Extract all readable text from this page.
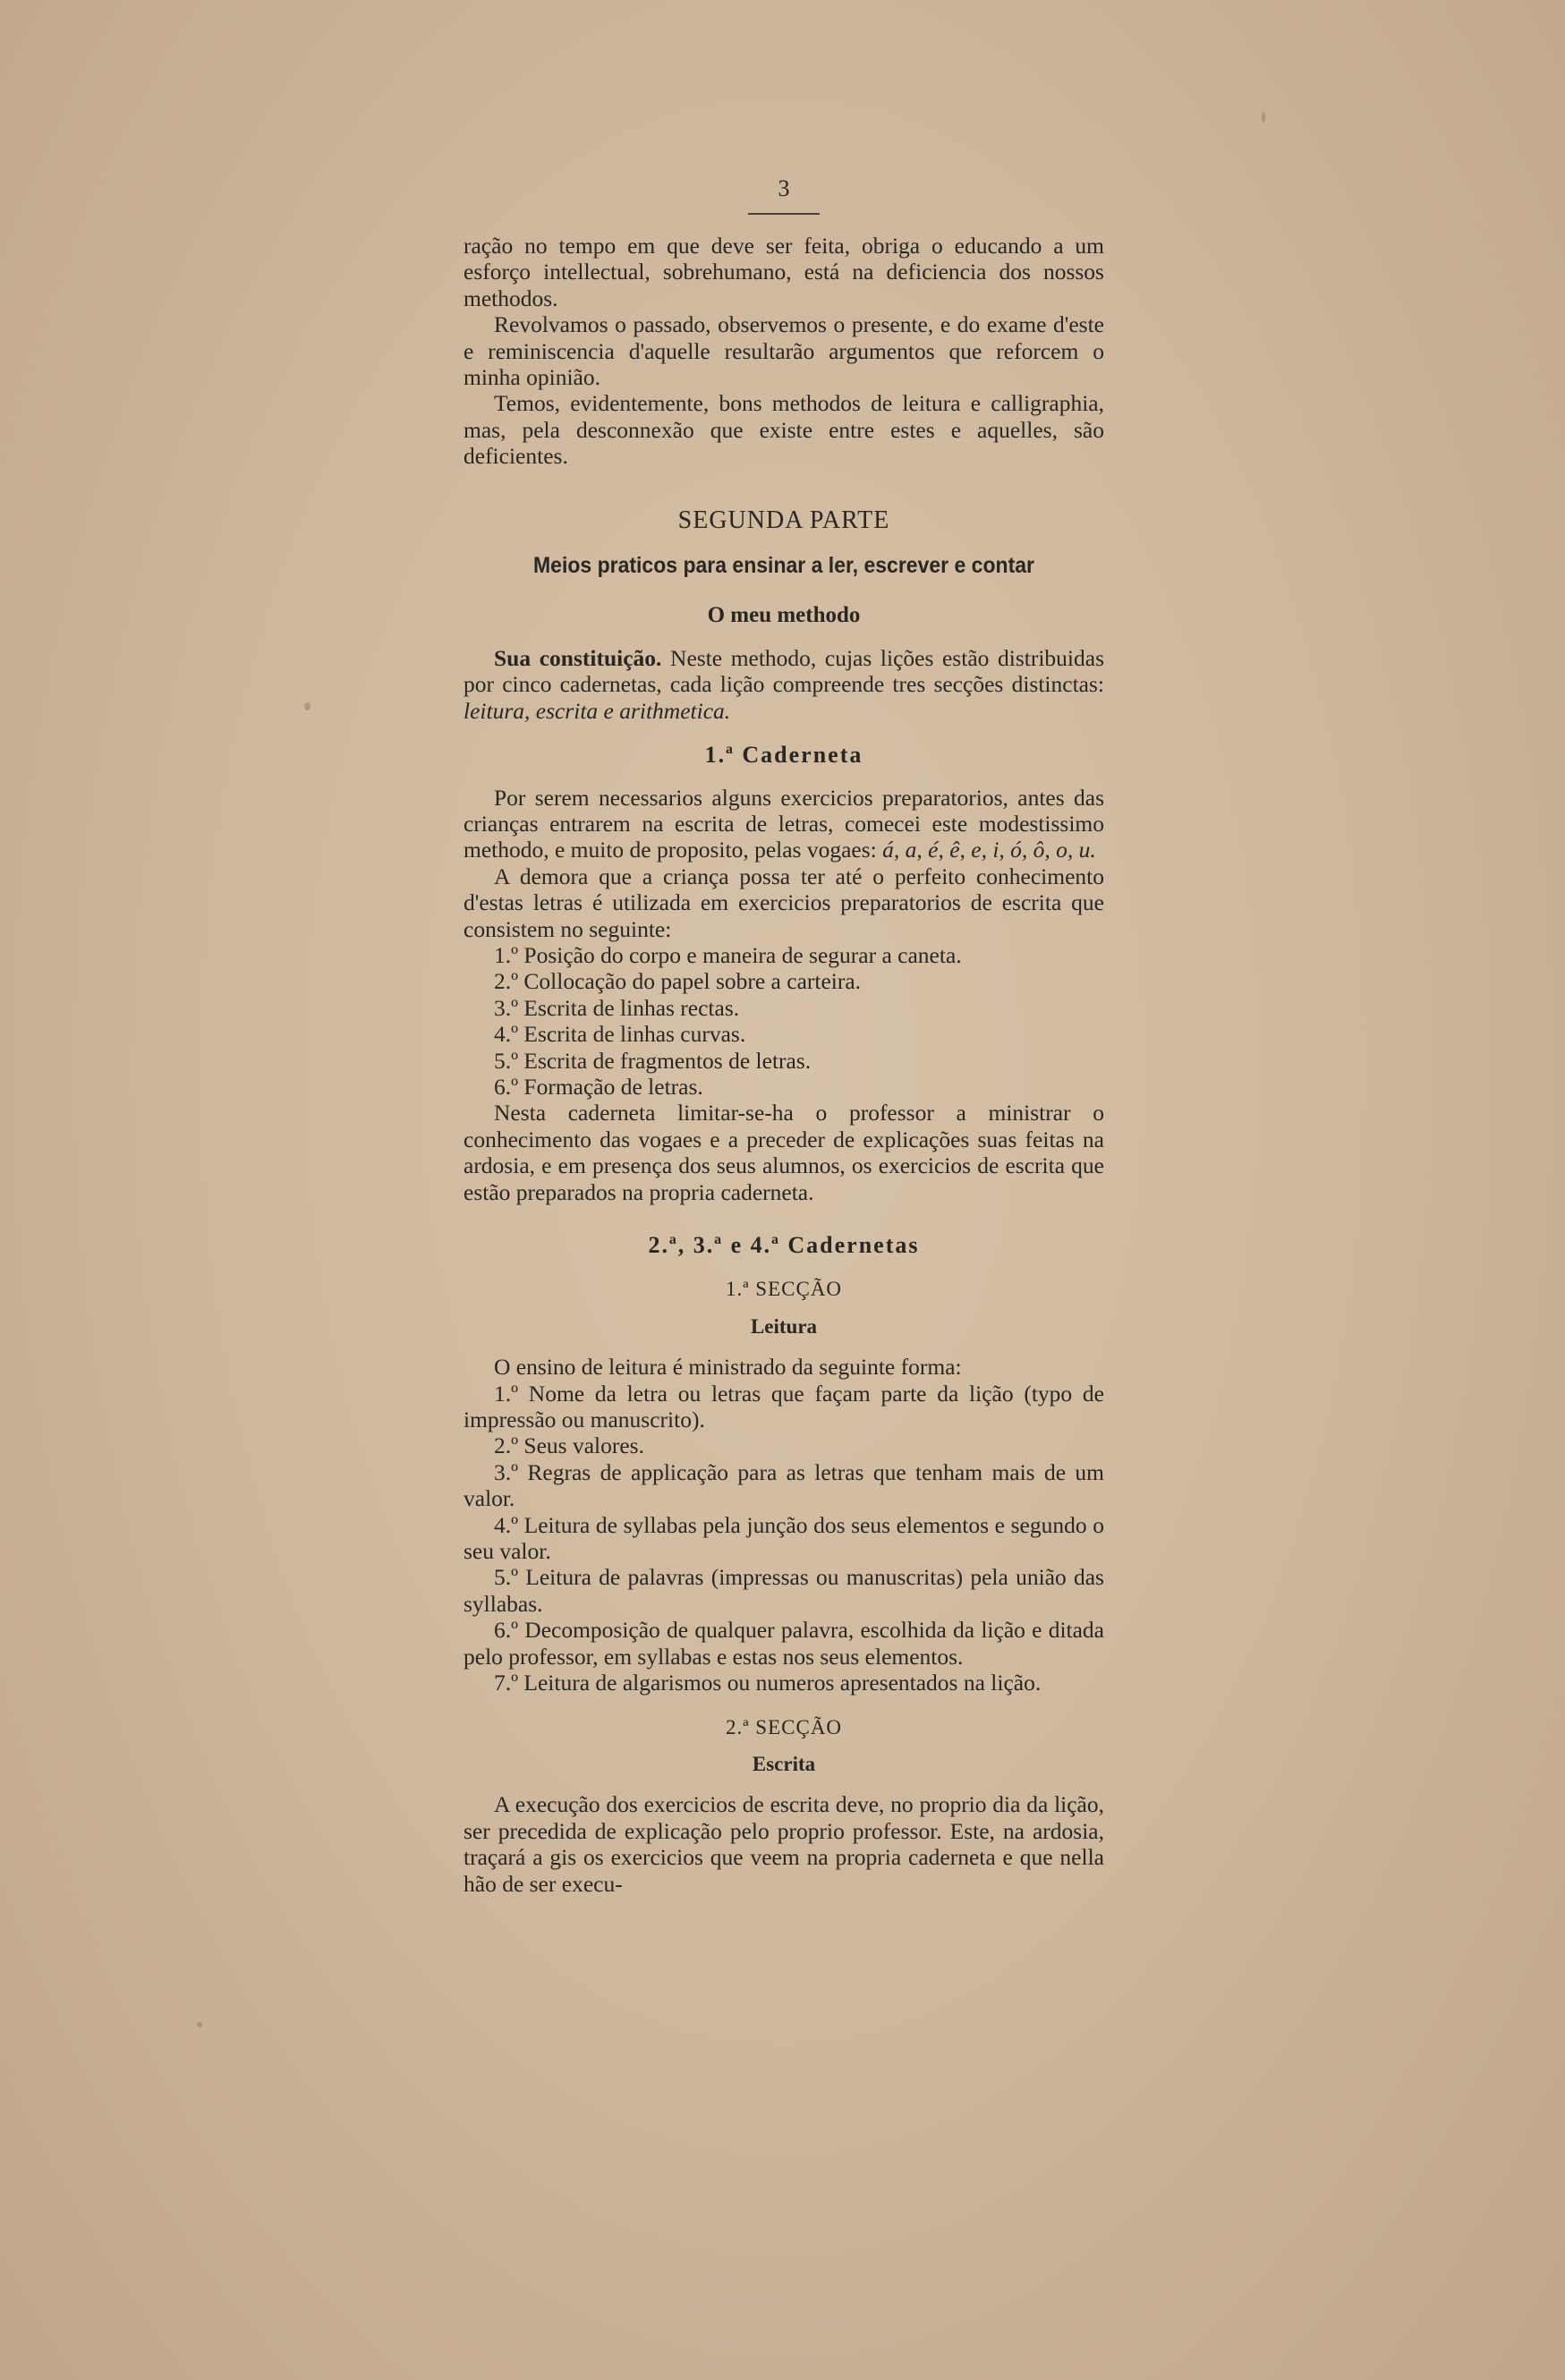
3

ração no tempo em que deve ser feita, obriga o educando a um esforço intellectual, sobrehumano, está na deficiencia dos nossos methodos.

Revolvamos o passado, observemos o presente, e do exame d'este e reminiscencia d'aquelle resultarão argumentos que reforcem o minha opinião.

Temos, evidentemente, bons methodos de leitura e calligraphia, mas, pela desconnexão que existe entre estes e aquelles, são deficientes.

SEGUNDA PARTE
Meios praticos para ensinar a ler, escrever e contar
O meu methodo

Sua constituição. Neste methodo, cujas lições estão distribuidas por cinco cadernetas, cada lição compreende tres secções distinctas: leitura, escrita e arithmetica.

1.ª Caderneta

Por serem necessarios alguns exercicios preparatorios, antes das crianças entrarem na escrita de letras, comecei este modestissimo methodo, e muito de proposito, pelas vogaes: á, a, é, ê, e, i, ó, ô, o, u.

A demora que a criança possa ter até o perfeito conhecimento d'estas letras é utilizada em exercicios preparatorios de escrita que consistem no seguinte:

1.º Posição do corpo e maneira de segurar a caneta.

2.º Collocação do papel sobre a carteira.

3.º Escrita de linhas rectas.

4.º Escrita de linhas curvas.

5.º Escrita de fragmentos de letras.

6.º Formação de letras.

Nesta caderneta limitar-se-ha o professor a ministrar o conhecimento das vogaes e a preceder de explicações suas feitas na ardosia, e em presença dos seus alumnos, os exercicios de escrita que estão preparados na propria caderneta.

2.ª, 3.ª e 4.ª Cadernetas
1.ª SECÇÃO
Leitura

O ensino de leitura é ministrado da seguinte forma:

1.º Nome da letra ou letras que façam parte da lição (typo de impressão ou manuscrito).

2.º Seus valores.

3.º Regras de applicação para as letras que tenham mais de um valor.

4.º Leitura de syllabas pela junção dos seus elementos e segundo o seu valor.

5.º Leitura de palavras (impressas ou manuscritas) pela união das syllabas.

6.º Decomposição de qualquer palavra, escolhida da lição e ditada pelo professor, em syllabas e estas nos seus elementos.

7.º Leitura de algarismos ou numeros apresentados na lição.

2.ª SECÇÃO
Escrita

A execução dos exercicios de escrita deve, no proprio dia da lição, ser precedida de explicação pelo proprio professor. Este, na ardosia, traçará a gis os exercicios que veem na propria caderneta e que nella hão de ser execu-
